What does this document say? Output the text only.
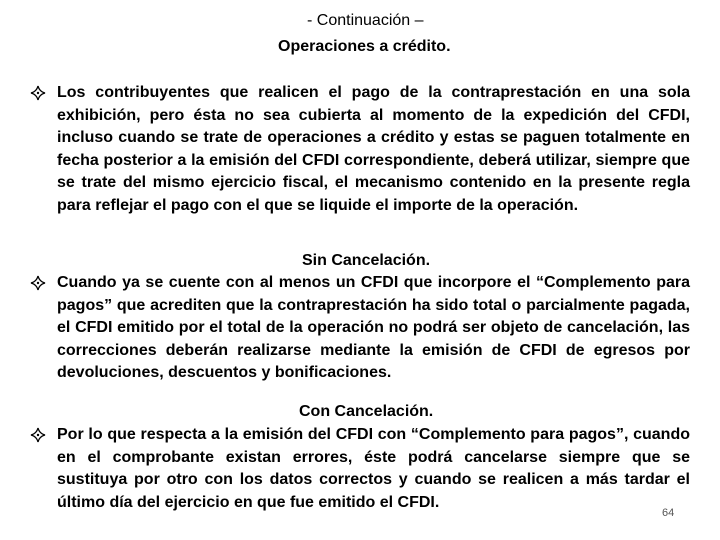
- Continuación –
Operaciones a crédito.
Los contribuyentes que realicen el pago de la contraprestación en una sola exhibición, pero ésta no sea cubierta al momento de la expedición del CFDI, incluso cuando se trate de operaciones a crédito y estas se paguen totalmente en fecha posterior a la emisión del CFDI correspondiente, deberá utilizar, siempre que se trate del mismo ejercicio fiscal, el mecanismo contenido en la presente regla para reflejar el pago con el que se liquide el importe de la operación.
Sin Cancelación.
Cuando ya se cuente con al menos un CFDI que incorpore el “Complemento para pagos” que acrediten que la contraprestación ha sido total o parcialmente pagada, el CFDI emitido por el total de la operación no podrá ser objeto de cancelación, las correcciones deberán realizarse mediante la emisión de CFDI de egresos por devoluciones, descuentos y bonificaciones.
Con Cancelación.
Por lo que respecta a la emisión del CFDI con “Complemento para pagos”, cuando en el comprobante existan errores, éste podrá cancelarse siempre que se sustituya por otro con los datos correctos y cuando se realicen a más tardar el último día del ejercicio en que fue emitido el CFDI.
64
